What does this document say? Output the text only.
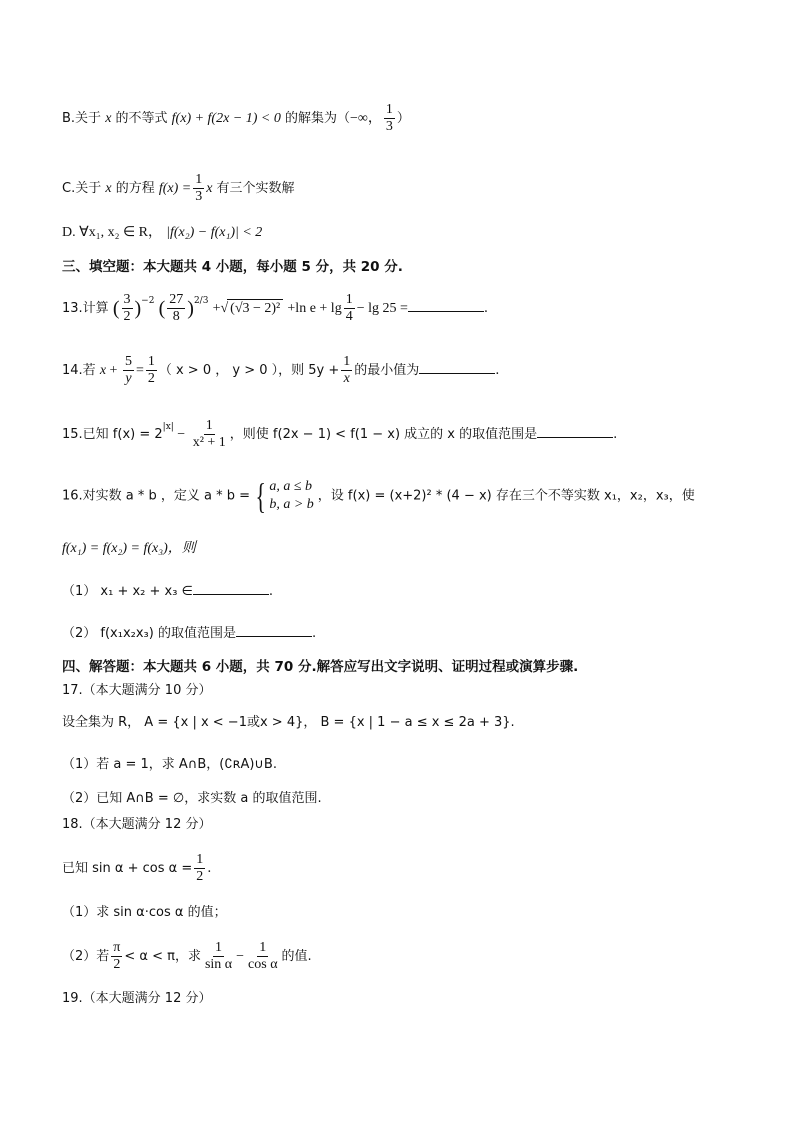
B.关于 x 的不等式 f(x) + f(2x − 1) < 0 的解集为（−∞， $\frac{1}{3}$ ）
C.关于 x 的方程 $f(x) = \frac{1}{3}$ x 有三个实数解
D. ∀x₁, x₂ ∈ R， |f(x₂) − f(x₁)| < 2
三、填空题：本大题共 4 小题，每小题 5 分，共 20 分.
13.计算 ( $\frac{3}{2} )^{-2}$ ( $\frac{27}{8} )^{2/3}$ +√ (√3 − 2)² +ln $e + \lg \frac{1}{4} - \lg 25$ =	.
14.若 $x + \frac{5}{y} = \frac{1}{2}$ （ x > 0 ， y > 0 ），则 $5y + \frac{1}{x}$ 的最小值为	.
15.已知 $f(x) = 2^{|x|} - \frac{1}{\text{x² + 1}}$ ，则使 f(2x − 1) < f(1 − x) 成立的 x 的取值范围是	.
16.对实数 a * b ，定义 a * b = { a, a ≤ b
b, a > b
，设 f(x) = (x+2)² * (4 − x) 存在三个不等实数 x₁，x₂，x₃，使
f(x₁) = f(x₂) = f(x₃)，则
（1） x₁ + x₂ + x₃ ∈	.
（2） f(x₁x₂x₃) 的取值范围是	.
四、解答题：本大题共 6 小题，共 70 分.解答应写出文字说明、证明过程或演算步骤.
17.（本大题满分 10 分）
设全集为 R， A = {x | x < −1或x > 4}， B = {x | 1 − a ≤ x ≤ 2a + 3}.
（1）若 a = 1，求 A∩B，(∁ʀA)∪B.
（2）已知 A∩B = ∅，求实数 a 的取值范围.
18.（本大题满分 12 分）
已知 $\sin \alpha + \cos \alpha = \frac{1}{2}$ .
（1）求 sin α·cos α 的值；
（2）若 $\frac{\pi}{2} < \alpha < \pi$，求 $\frac{1}{\text{sin α}} - \frac{1}{\text{cos α}}$ 的值.
19.（本大题满分 12 分）
